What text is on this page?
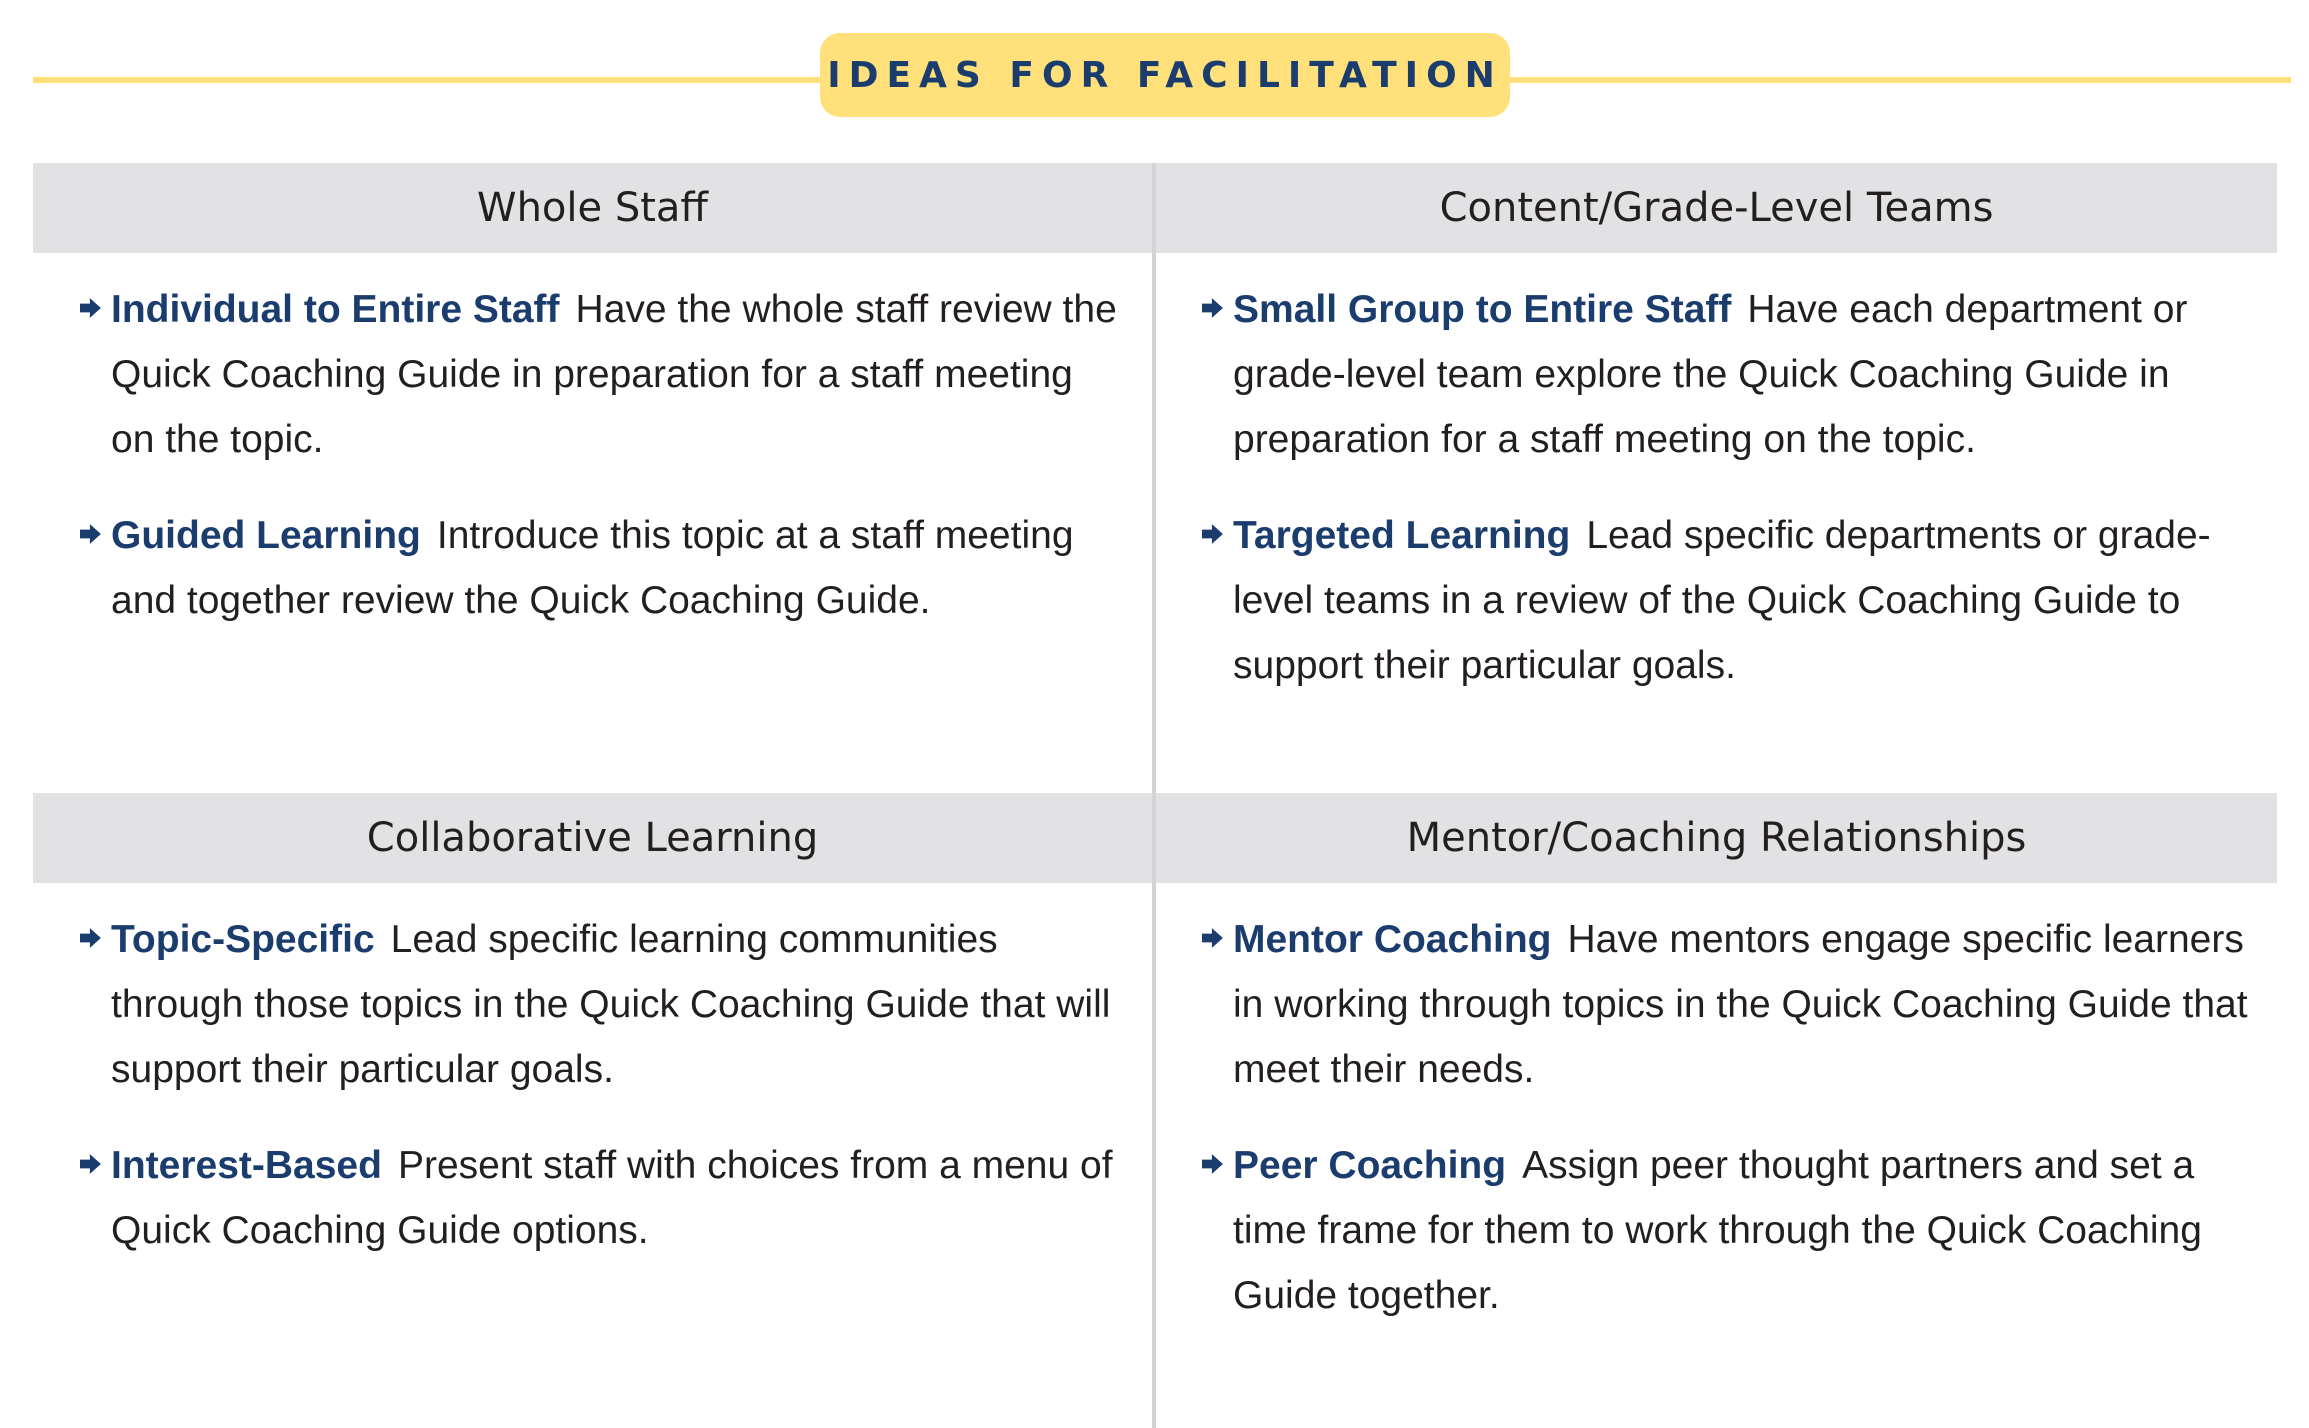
IDEAS FOR FACILITATION
Whole Staff
Individual to Entire Staff Have the whole staff review the Quick Coaching Guide in preparation for a staff meeting on the topic.
Guided Learning Introduce this topic at a staff meeting and together review the Quick Coaching Guide.
Content/Grade-Level Teams
Small Group to Entire Staff Have each department or grade-level team explore the Quick Coaching Guide in preparation for a staff meeting on the topic.
Targeted Learning Lead specific departments or grade-level teams in a review of the Quick Coaching Guide to support their particular goals.
Collaborative Learning
Topic-Specific Lead specific learning communities through those topics in the Quick Coaching Guide that will support their particular goals.
Interest-Based Present staff with choices from a menu of Quick Coaching Guide options.
Mentor/Coaching Relationships
Mentor Coaching Have mentors engage specific learners in working through topics in the Quick Coaching Guide that meet their needs.
Peer Coaching Assign peer thought partners and set a time frame for them to work through the Quick Coaching Guide together.
